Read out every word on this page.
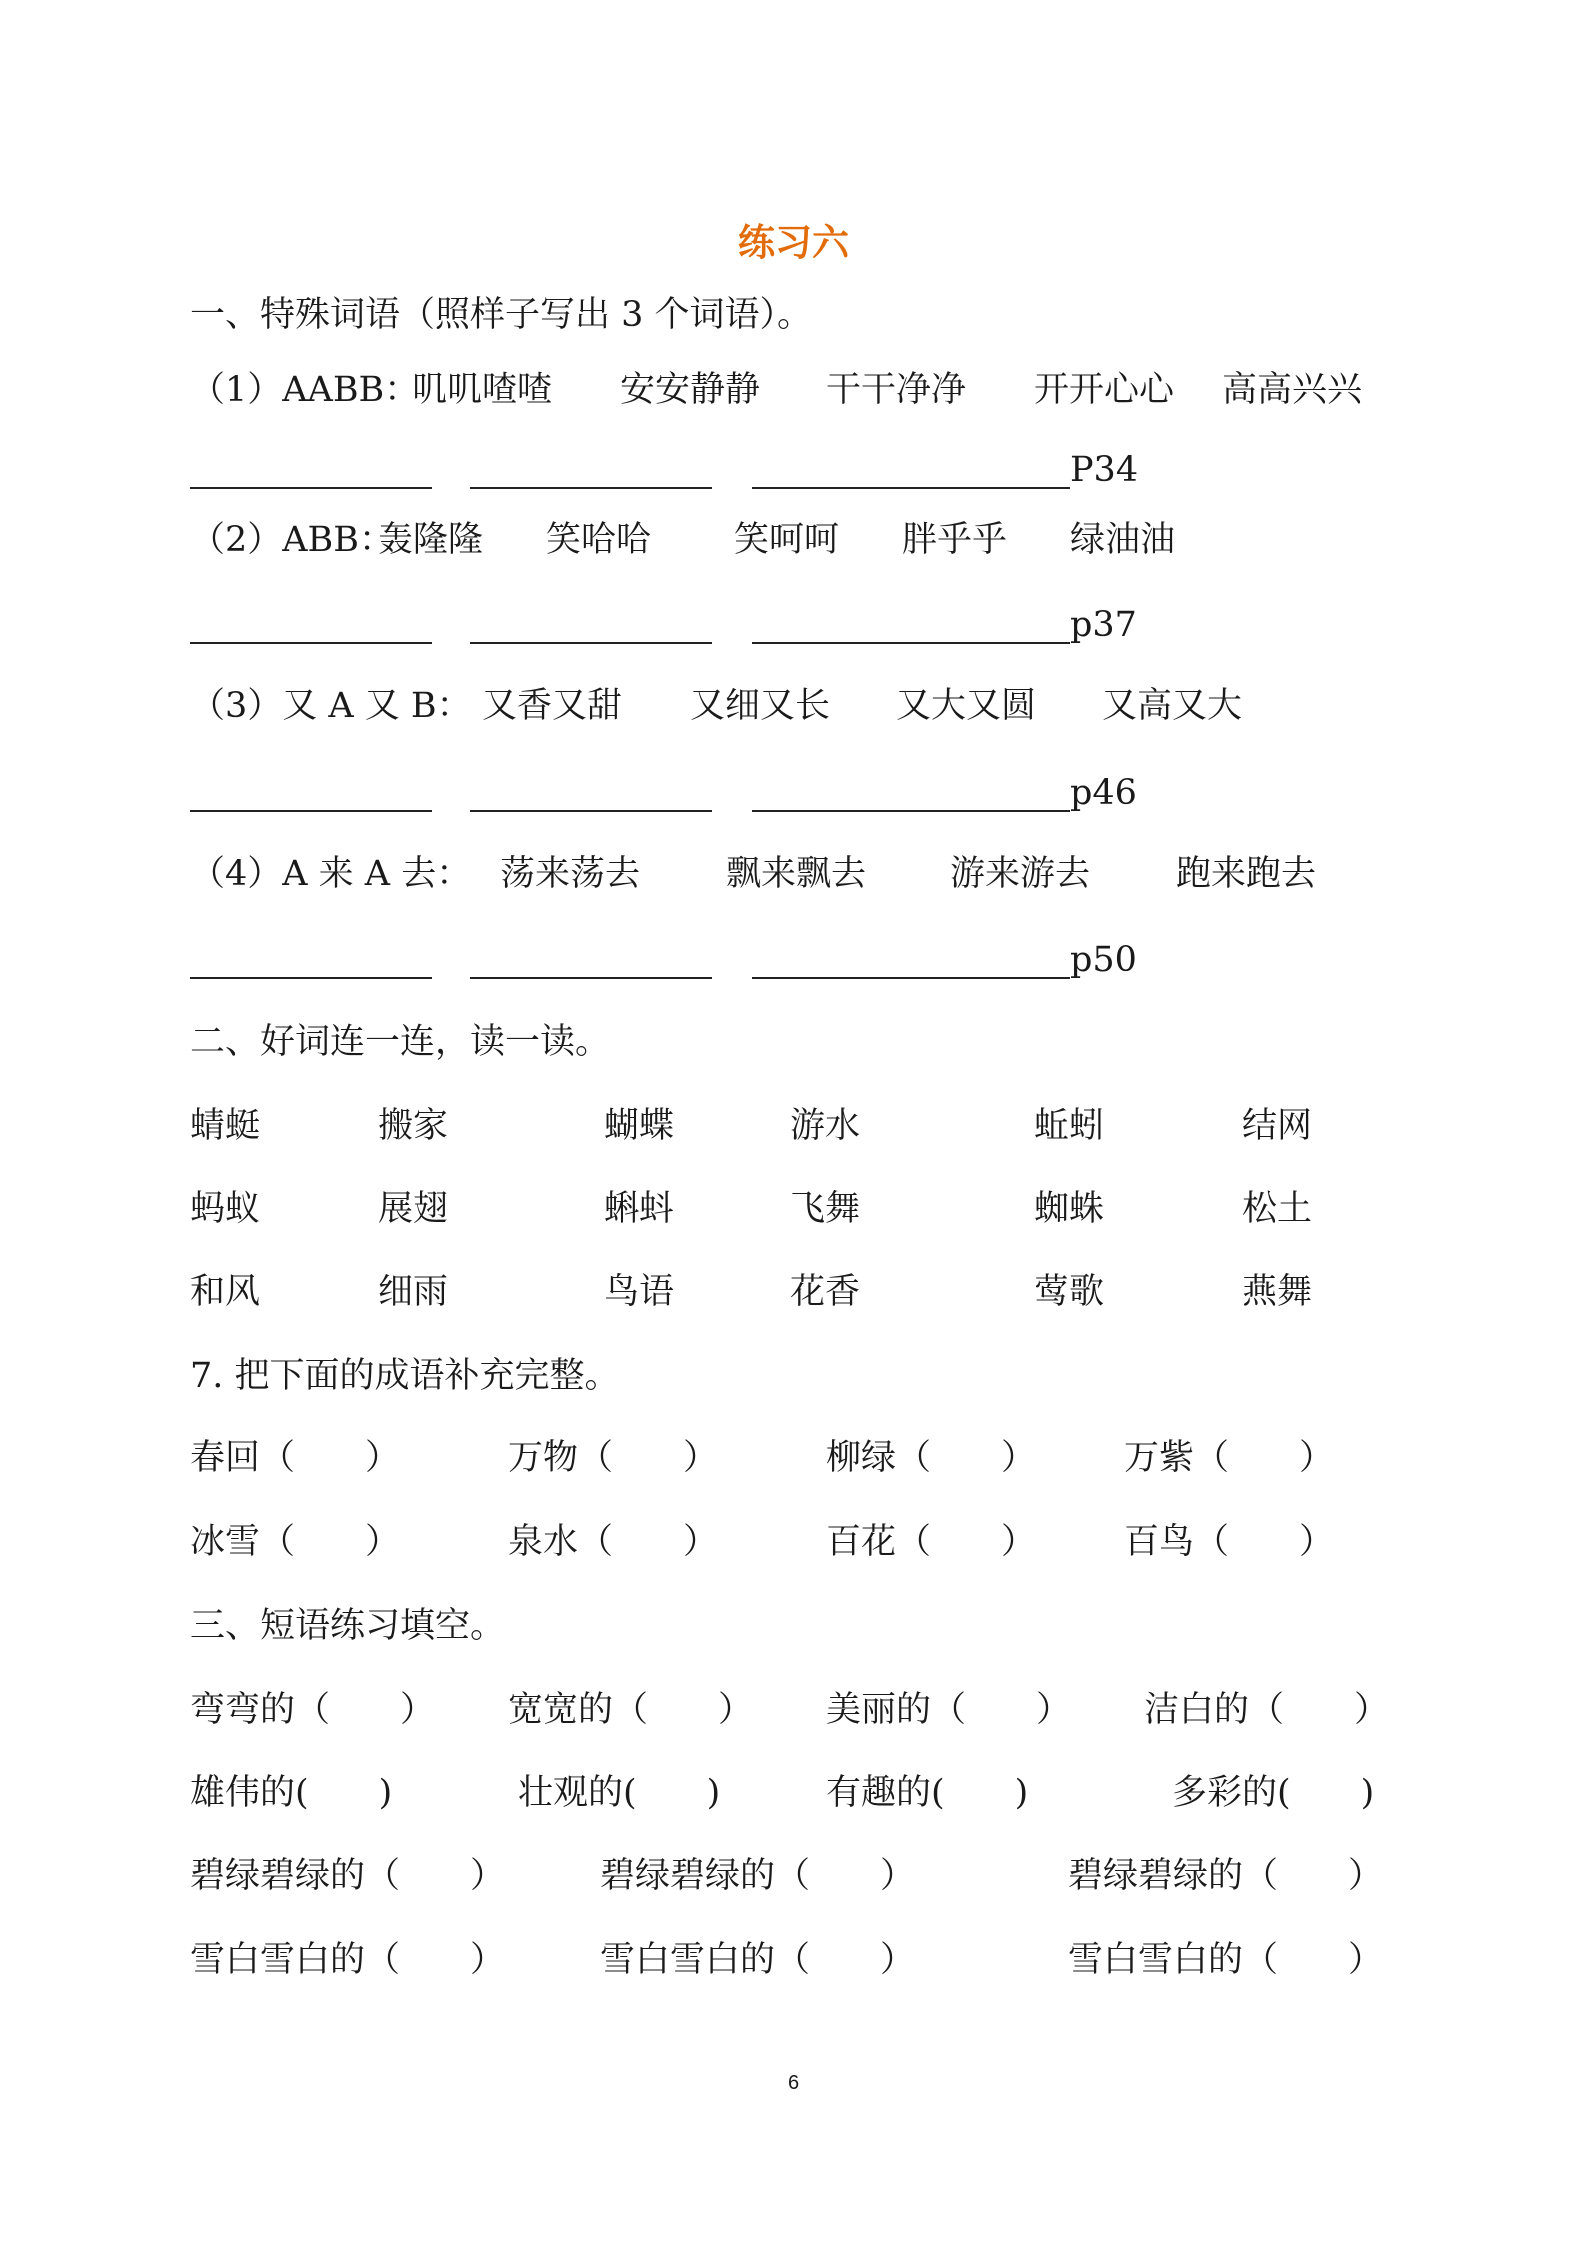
练习六
一、特殊词语（照样子写出 3 个词语）。
（1）AABB：
叽叽喳喳 安安静静 干干净净 开开心心 高高兴兴
P34
（2）ABB：
轰隆隆 笑哈哈 笑呵呵 胖乎乎 绿油油
p37
（3）又 A 又 B： 又香又甜 又细又长 又大又圆 又高又大
p46
（4）A 来 A 去： 荡来荡去 飘来飘去 游来游去 跑来跑去
p50
二、好词连一连，读一读。
蜻蜓	搬家	蝴蝶	游水	蚯蚓	结网
蚂蚁	展翅	蝌蚪	飞舞	蜘蛛	松土
和风	细雨	鸟语	花香	莺歌	燕舞
7. 把下面的成语补充完整。
春回（　　）	万物（　　）	柳绿（　　）	万紫（　　）
冰雪（　　）	泉水（　　）	百花（　　）	百鸟（　　）
三、短语练习填空。
弯弯的（　　） 宽宽的（　　） 美丽的（　　） 洁白的（　　）
雄伟的(　　)	壮观的(　　)	有趣的(　　)	多彩的(　　)
碧绿碧绿的（　　）	碧绿碧绿的（　　）	碧绿碧绿的（　　）
雪白雪白的（　　）	雪白雪白的（　　）	雪白雪白的（　　）
6
